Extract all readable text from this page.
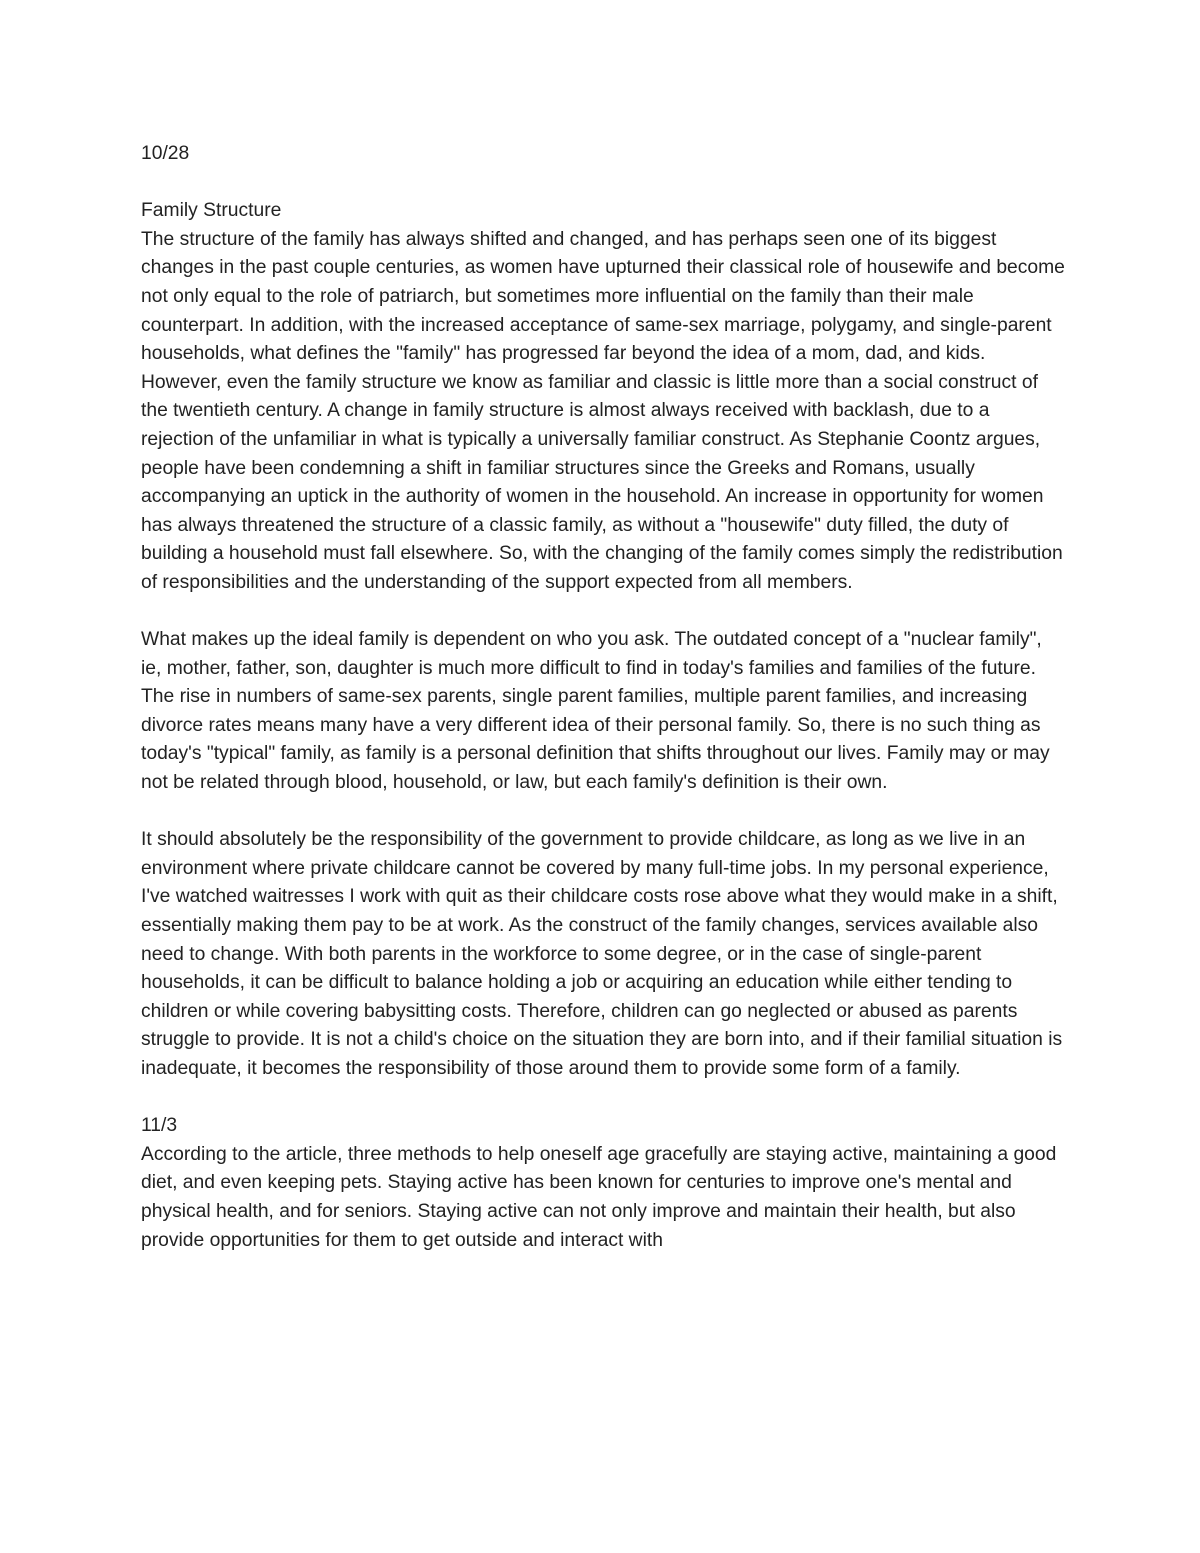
10/28

Family Structure

The structure of the family has always shifted and changed, and has perhaps seen one of its biggest changes in the past couple centuries, as women have upturned their classical role of housewife and become not only equal to the role of patriarch, but sometimes more influential on the family than their male counterpart. In addition, with the increased acceptance of same-sex marriage, polygamy, and single-parent households, what defines the "family" has progressed far beyond the idea of a mom, dad, and kids. However, even the family structure we know as familiar and classic is little more than a social construct of the twentieth century. A change in family structure is almost always received with backlash, due to a rejection of the unfamiliar in what is typically a universally familiar construct. As Stephanie Coontz argues, people have been condemning a shift in familiar structures since the Greeks and Romans, usually accompanying an uptick in the authority of women in the household. An increase in opportunity for women has always threatened the structure of a classic family, as without a "housewife" duty filled, the duty of building a household must fall elsewhere. So, with the changing of the family comes simply the redistribution of responsibilities and the understanding of the support expected from all members.

What makes up the ideal family is dependent on who you ask. The outdated concept of a "nuclear family", ie, mother, father, son, daughter is much more difficult to find in today's families and families of the future. The rise in numbers of same-sex parents, single parent families, multiple parent families, and increasing divorce rates means many have a very different idea of their personal family. So, there is no such thing as today's "typical" family, as family is a personal definition that shifts throughout our lives. Family may or may not be related through blood, household, or law, but each family's definition is their own.

It should absolutely be the responsibility of the government to provide childcare, as long as we live in an environment where private childcare cannot be covered by many full-time jobs. In my personal experience, I've watched waitresses I work with quit as their childcare costs rose above what they would make in a shift, essentially making them pay to be at work. As the construct of the family changes, services available also need to change. With both parents in the workforce to some degree, or in the case of single-parent households, it can be difficult to balance holding a job or acquiring an education while either tending to children or while covering babysitting costs. Therefore, children can go neglected or abused as parents struggle to provide. It is not a child's choice on the situation they are born into, and if their familial situation is inadequate, it becomes the responsibility of those around them to provide some form of a family.

11/3

According to the article, three methods to help oneself age gracefully are staying active, maintaining a good diet, and even keeping pets. Staying active has been known for centuries to improve one's mental and physical health, and for seniors. Staying active can not only improve and maintain their health, but also provide opportunities for them to get outside and interact with
